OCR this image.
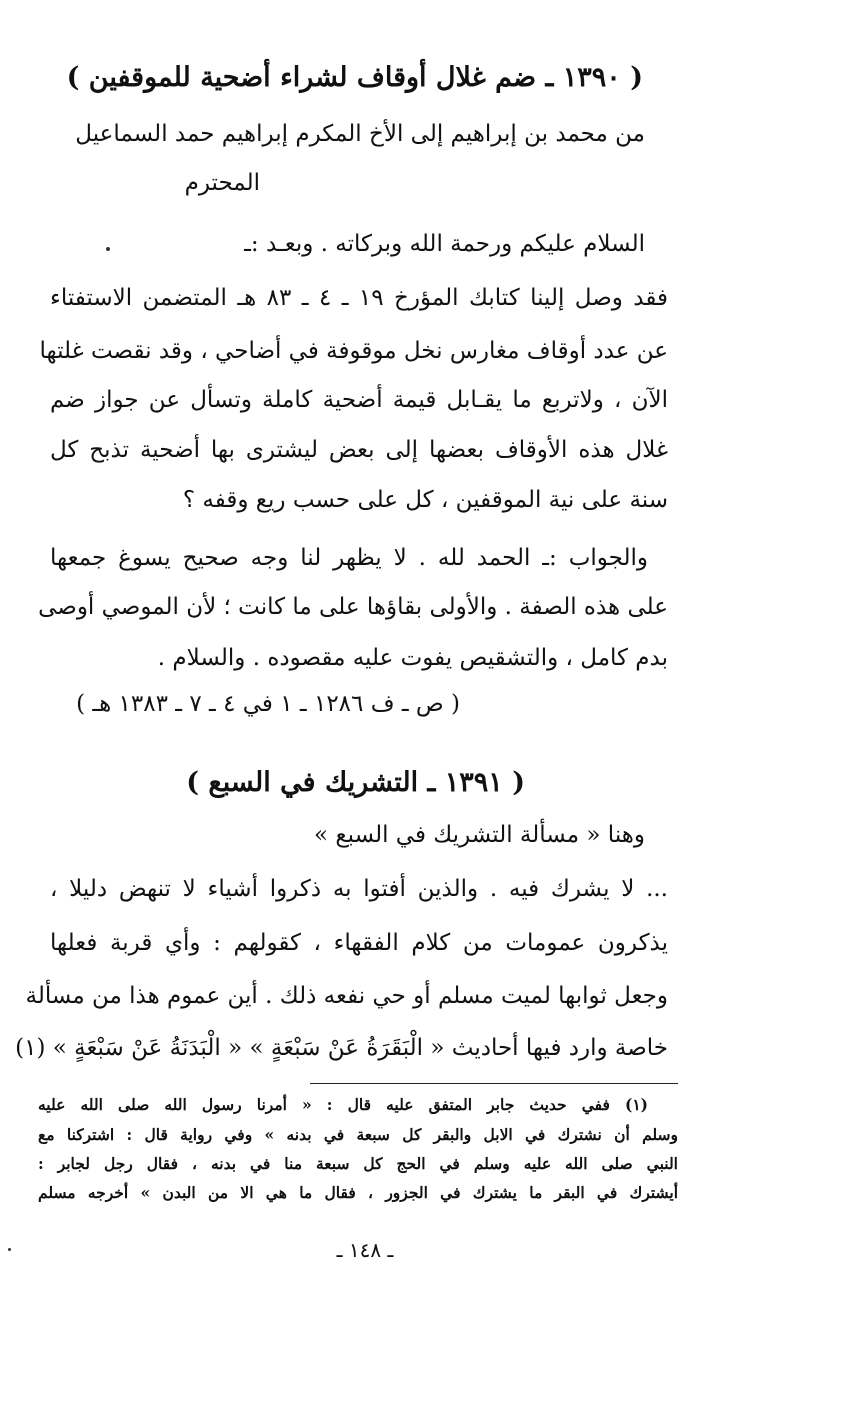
( ١٣٩٠ ـ ضم غلال أوقاف لشراء أضحية للموقفين )
من محمد بن إبراهيم إلى الأخ المكرم إبراهيم حمد السماعيل
المحترم
السلام عليكم ورحمة الله وبركاته . وبعـد :ـ
فقد وصل إلينا كتابك المؤرخ ١٩ ـ ٤ ـ ٨٣ هـ المتضمن الاستفتاء
عن عدد أوقاف مغارس نخل موقوفة في أضاحي ، وقد نقصت غلتها
الآن ، ولاتربع ما يقـابل قيمة أضحية كاملة وتسأل عن جواز ضم
غلال هذه الأوقاف بعضها إلى بعض ليشترى بها أضحية تذبح كل
سنة على نية الموقفين ، كل على حسب ريع وقفه ؟
والجواب :ـ الحمد لله . لا يظهر لنا وجه صحيح يسوغ جمعها
على هذه الصفة . والأولى بقاؤها على ما كانت ؛ لأن الموصي أوصى
بدم كامل ، والتشقيص يفوت عليه مقصوده . والسلام .
( ص ـ ف ١٢٨٦ ـ ١ في ٤ ـ ٧ ـ ١٣٨٣ هـ )
( ١٣٩١ ـ التشريك في السبع )
وهنا « مسألة التشريك في السبع »
... لا يشرك فيه . والذين أفتوا به ذكروا أشياء لا تنهض دليلا ،
يذكرون عمومات من كلام الفقهاء ، كقولهم : وأي قربة فعلها
وجعل ثوابها لميت مسلم أو حي نفعه ذلك . أين عموم هذا من مسألة
خاصة وارد فيها أحاديث « الْبَقَرَةُ عَنْ سَبْعَةٍ » « الْبَدَنَةُ عَنْ سَبْعَةٍ » (١)
(١) ففي حديث جابر المتفق عليه قال : « أمرنا رسول الله صلى الله عليه
وسلم أن نشترك في الابل والبقر كل سبعة في بدنه » وفي رواية قال : اشتركنا مع
النبي صلى الله عليه وسلم في الحج كل سبعة منا في بدنه ، فقال رجل لجابر :
أيشترك في البقر ما يشترك في الجزور ، فقال ما هي الا من البدن » أخرجه مسلم
ـ ١٤٨ ـ
